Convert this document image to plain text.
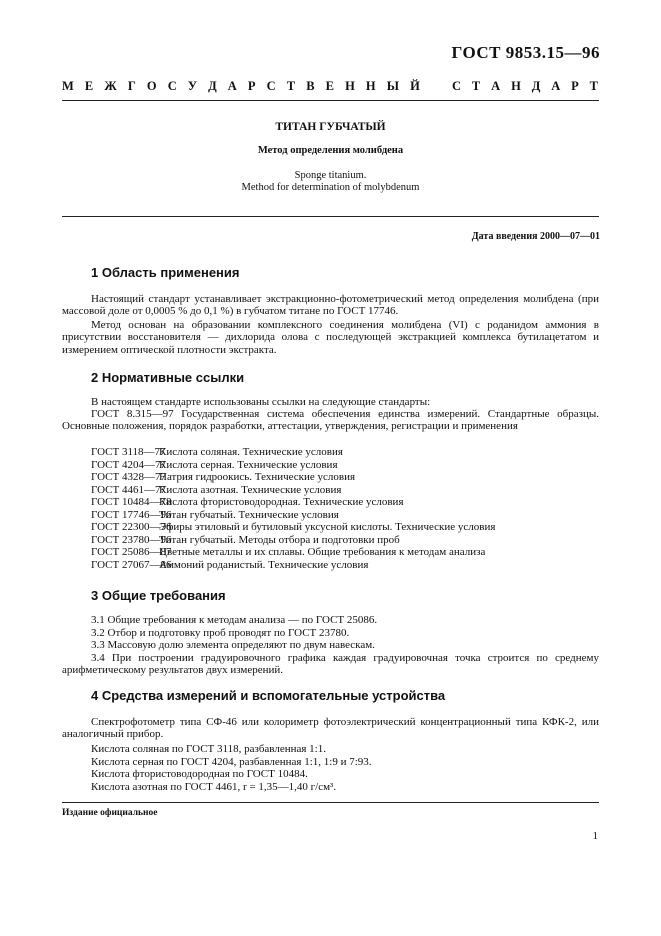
ГОСТ 9853.15—96
М Е Ж Г О С У Д А Р С Т В Е Н Н Ы Й	С Т А Н Д А Р Т
ТИТАН ГУБЧАТЫЙ
Метод определения молибдена
Sponge titanium.
Method for determination of molybdenum
Дата введения 2000—07—01
1 Область применения
Настоящий стандарт устанавливает экстракционно-фотометрический метод определения молибдена (при массовой доле от 0,0005 % до 0,1 %) в губчатом титане по ГОСТ 17746.
Метод основан на образовании комплексного соединения молибдена (VI) с роданидом аммония в присутствии восстановителя — дихлорида олова с последующей экстракцией комплекса бутилацетатом и измерением оптической плотности экстракта.
2 Нормативные ссылки
В настоящем стандарте использованы ссылки на следующие стандарты:
ГОСТ 8.315—97 Государственная система обеспечения единства измерений. Стандартные образцы. Основные положения, порядок разработки, аттестации, утверждения, регистрации и применения
ГОСТ 3118—77Кислота соляная. Технические условия
ГОСТ 4204—77Кислота серная. Технические условия
ГОСТ 4328—77Натрия гидроокись. Технические условия
ГОСТ 4461—77Кислота азотная. Технические условия
ГОСТ 10484—78Кислота фтористоводородная. Технические условия
ГОСТ 17746—96Титан губчатый. Технические условия
ГОСТ 22300—76Эфиры этиловый и бутиловый уксусной кислоты. Технические условия
ГОСТ 23780—96Титан губчатый. Методы отбора и подготовки проб
ГОСТ 25086—87Цветные металлы и их сплавы. Общие требования к методам анализа
ГОСТ 27067—86Аммоний роданистый. Технические условия
3 Общие требования
3.1 Общие требования к методам анализа — по ГОСТ 25086.
3.2 Отбор и подготовку проб проводят по ГОСТ 23780.
3.3 Массовую долю элемента определяют по двум навескам.
3.4 При построении градуировочного графика каждая градуировочная точка строится по среднему арифметическому результатов двух измерений.
4 Средства измерений и вспомогательные устройства
Спектрофотометр типа СФ-46 или колориметр фотоэлектрический концентрационный типа КФК-2, или аналогичный прибор.
Кислота соляная по ГОСТ 3118, разбавленная 1:1.
Кислота серная по ГОСТ 4204, разбавленная 1:1, 1:9 и 7:93.
Кислота фтористоводородная по ГОСТ 10484.
Кислота азотная по ГОСТ 4461, r = 1,35—1,40 г/см³.
Издание официальное
1
